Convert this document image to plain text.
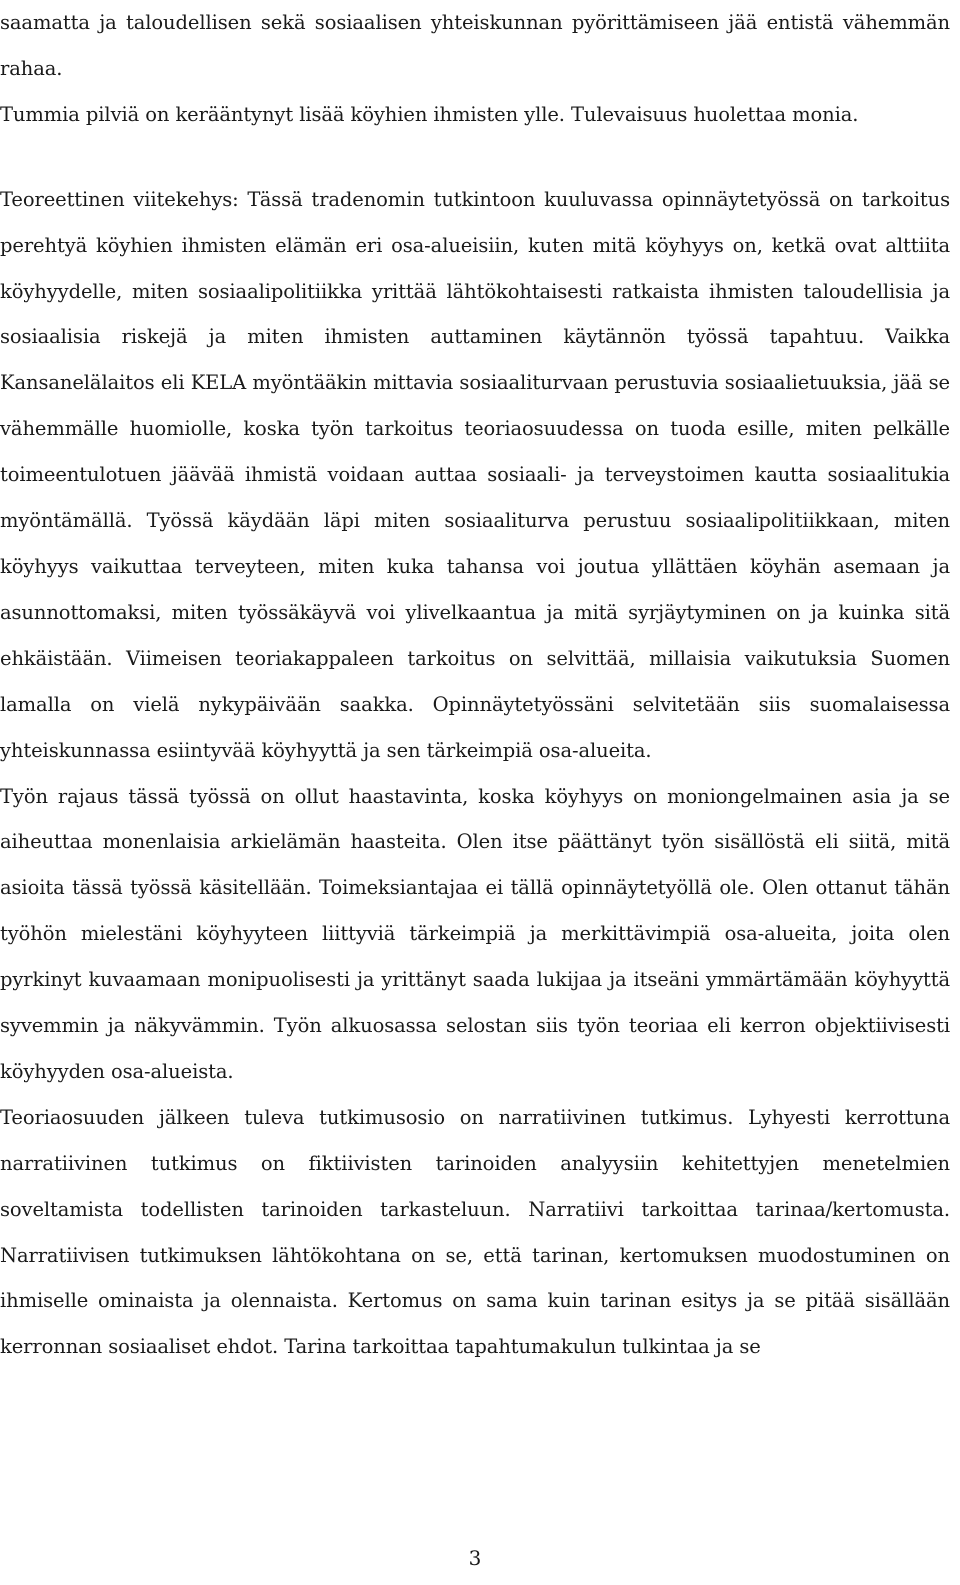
saamatta ja taloudellisen sekä sosiaalisen yhteiskunnan pyörittämiseen jää entistä vähemmän rahaa.

Tummia pilviä on kerääntynyt lisää köyhien ihmisten ylle. Tulevaisuus huolettaa monia.

Teoreettinen viitekehys: Tässä tradenomin tutkintoon kuuluvassa opinnäytetyössä on tarkoitus perehtyä köyhien ihmisten elämän eri osa-alueisiin, kuten mitä köyhyys on, ketkä ovat alttiita köyhyydelle, miten sosiaalipolitiikka yrittää lähtökohtaisesti ratkaista ihmisten taloudellisia ja sosiaalisia riskejä ja miten ihmisten auttaminen käytännön työssä tapahtuu. Vaikka Kansanelälaitos eli KELA myöntääkin mittavia sosiaaliturvaan perustuvia sosiaalietuuksia, jää se vähemmälle huomiolle, koska työn tarkoitus teoriaosuudessa on tuoda esille, miten pelkälle toimeentulotuen jäävää ihmistä voidaan auttaa sosiaali- ja terveystoimen kautta sosiaalitukia myöntämällä. Työssä käydään läpi miten sosiaaliturva perustuu sosiaalipolitiikkaan, miten köyhyys vaikuttaa terveyteen, miten kuka tahansa voi joutua yllättäen köyhän asemaan ja asunnottomaksi, miten työssäkäyvä voi ylivelkaantua ja mitä syrjäytyminen on ja kuinka sitä ehkäistään. Viimeisen teoriakappaleen tarkoitus on selvittää, millaisia vaikutuksia Suomen lamalla on vielä nykypäivään saakka. Opinnäytetyössäni selvitetään siis suomalaisessa yhteiskunnassa esiintyvää köyhyyttä ja sen tärkeimpiä osa-alueita.

Työn rajaus tässä työssä on ollut haastavinta, koska köyhyys on moniongelmainen asia ja se aiheuttaa monenlaisia arkielämän haasteita. Olen itse päättänyt työn sisällöstä eli siitä, mitä asioita tässä työssä käsitellään. Toimeksiantajaa ei tällä opinnäytetyöllä ole. Olen ottanut tähän työhön mielestäni köyhyyteen liittyviä tärkeimpiä ja merkittävimpiä osa-alueita, joita olen pyrkinyt kuvaamaan monipuolisesti ja yrittänyt saada lukijaa ja itseäni ymmärtämään köyhyyttä syvemmin ja näkyvämmin. Työn alkuosassa selostan siis työn teoriaa eli kerron objektiivisesti köyhyyden osa-alueista.

Teoriaosuuden jälkeen tuleva tutkimusosio on narratiivinen tutkimus. Lyhyesti kerrottuna narratiivinen tutkimus on fiktiivisten tarinoiden analyysiin kehitettyjen menetelmien soveltamista todellisten tarinoiden tarkasteluun. Narratiivi tarkoittaa tarinaa/kertomusta. Narratiivisen tutkimuksen lähtökohtana on se, että tarinan, kertomuksen muodostuminen on ihmiselle ominaista ja olennaista. Kertomus on sama kuin tarinan esitys ja se pitää sisällään kerronnan sosiaaliset ehdot. Tarina tarkoittaa tapahtumakulun tulkintaa ja se

3
